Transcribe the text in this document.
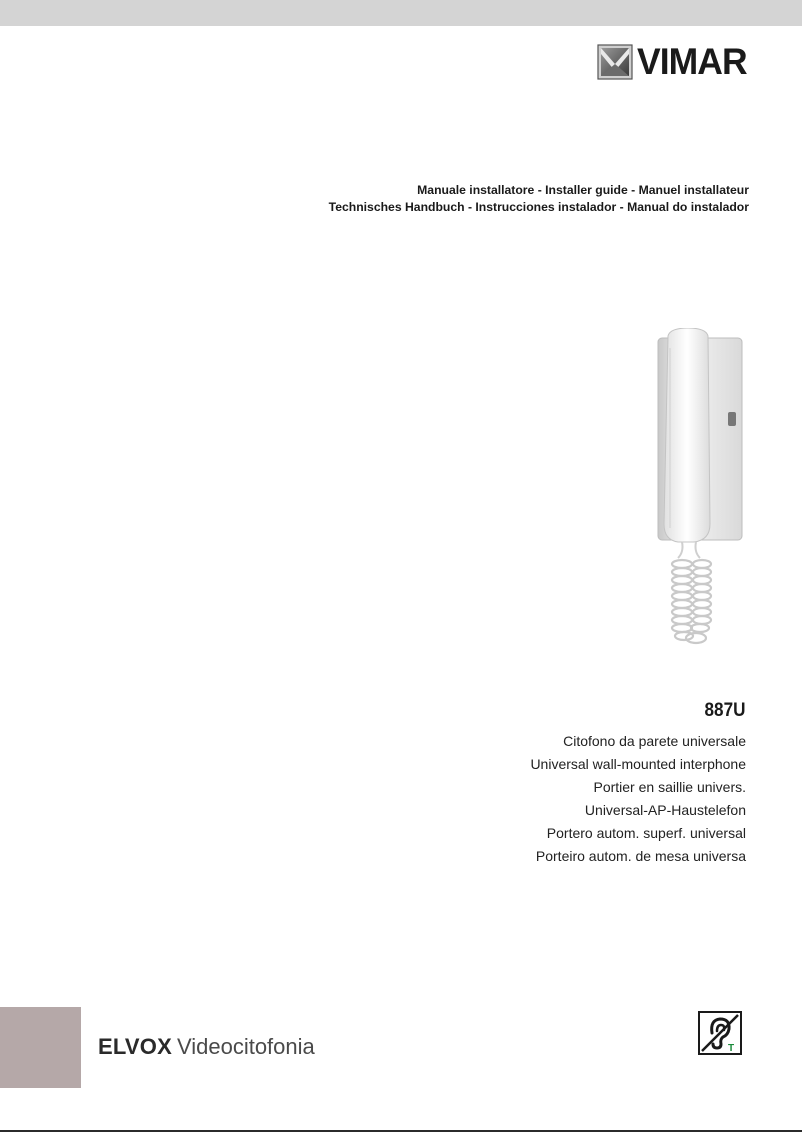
VIMAR
Manuale installatore - Installer guide - Manuel installateur
Technisches Handbuch - Instrucciones instalador - Manual do instalador
887U
Citofono da parete universale
Universal wall-mounted interphone
Portier en saillie univers.
Universal-AP-Haustelefon
Portero autom. superf. universal
Porteiro autom. de mesa universa
ELVOX Videocitofonia	T
